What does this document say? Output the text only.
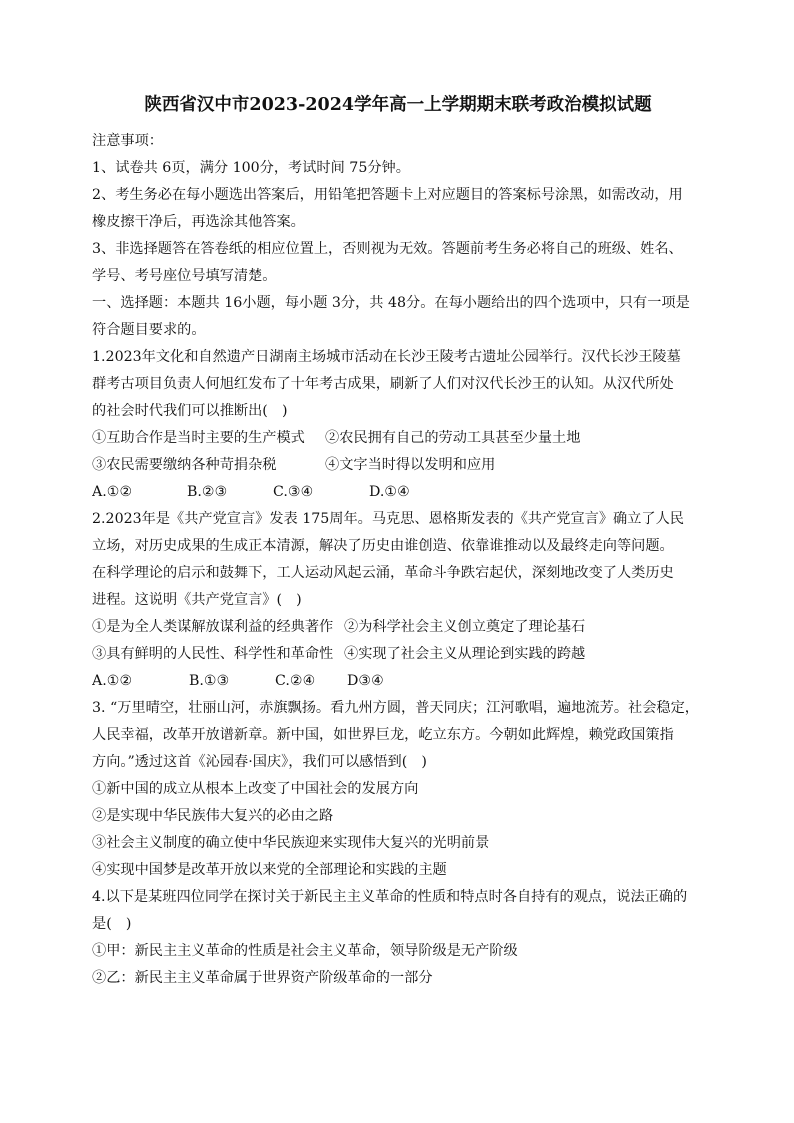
陕西省汉中市2023-2024学年高一上学期期末联考政治模拟试题
注意事项：
1、试卷共 6页，满分 100分，考试时间 75分钟。
2、考生务必在每小题选出答案后，用铅笔把答题卡上对应题目的答案标号涂黑，如需改动，用
橡皮擦干净后，再选涂其他答案。
3、非选择题答在答卷纸的相应位置上，否则视为无效。答题前考生务必将自己的班级、姓名、
学号、考号座位号填写清楚。
一、选择题：本题共 16小题，每小题 3分，共 48分。在每小题给出的四个选项中，只有一项是
符合题目要求的。
1.2023年文化和自然遗产日湖南主场城市活动在长沙王陵考古遗址公园举行。汉代长沙王陵墓
群考古项目负责人何旭红发布了十年考古成果，刷新了人们对汉代长沙王的认知。从汉代所处
的社会时代我们可以推断出(　)
①互助合作是当时主要的生产模式	②农民拥有自己的劳动工具甚至少量土地
③农民需要缴纳各种苛捐杂税	④文字当时得以发明和应用
A.①②	B.②③	C.③④	D.①④
2.2023年是《共产党宣言》发表 175周年。马克思、恩格斯发表的《共产党宣言》确立了人民
立场，对历史成果的生成正本清源，解决了历史由谁创造、依靠谁推动以及最终走向等问题。
在科学理论的启示和鼓舞下，工人运动风起云涌，革命斗争跌宕起伏，深刻地改变了人类历史
进程。这说明《共产党宣言》(　)
①是为全人类谋解放谋利益的经典著作 ②为科学社会主义创立奠定了理论基石
③具有鲜明的人民性、科学性和革命性 ④实现了社会主义从理论到实践的跨越
A.①②	B.①③	C.②④	D③④
3. “万里晴空，壮丽山河，赤旗飘扬。看九州方圆，普天同庆；江河歌唱，遍地流芳。社会稳定，
人民幸福，改革开放谱新章。新中国，如世界巨龙，屹立东方。今朝如此辉煌，赖党政国策指
方向。”透过这首《沁园春·国庆》，我们可以感悟到(　)
①新中国的成立从根本上改变了中国社会的发展方向
②是实现中华民族伟大复兴的必由之路
③社会主义制度的确立使中华民族迎来实现伟大复兴的光明前景
④实现中国梦是改革开放以来党的全部理论和实践的主题
4.以下是某班四位同学在探讨关于新民主主义革命的性质和特点时各自持有的观点，说法正确的
是(　)
①甲：新民主主义革命的性质是社会主义革命，领导阶级是无产阶级
②乙：新民主主义革命属于世界资产阶级革命的一部分
